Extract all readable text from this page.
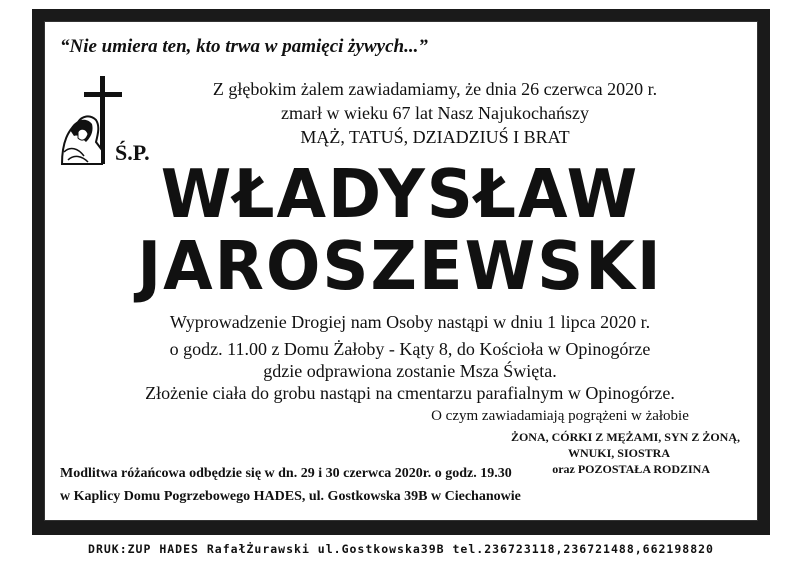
“Nie umiera ten, kto trwa w pamięci żywych...”
Z głębokim żalem zawiadamiamy, że dnia 26 czerwca 2020 r.
zmarł w wieku 67 lat Nasz Najukochańszy
MĄŻ, TATUŚ, DZIADZIUŚ I BRAT
Ś.P.
WŁADYSŁAW
JAROSZEWSKI
Wyprowadzenie Drogiej nam Osoby nastąpi w dniu 1 lipca 2020 r.
o godz. 11.00 z Domu Żałoby - Kąty 8, do Kościoła w Opinogórze
gdzie odprawiona zostanie Msza Święta.
Złożenie ciała do grobu nastąpi na cmentarzu parafialnym w Opinogórze.
O czym zawiadamiają pogrążeni w żałobie
ŻONA, CÓRKI Z MĘŻAMI, SYN Z ŻONĄ,
WNUKI, SIOSTRA
oraz POZOSTAŁA RODZINA
Modlitwa różańcowa odbędzie się w dn. 29 i 30 czerwca 2020r. o godz. 19.30
w Kaplicy Domu Pogrzebowego HADES, ul. Gostkowska 39B w Ciechanowie
DRUK:ZUP HADES RafałŻurawski ul.Gostkowska39B tel.236723118,236721488,662198820
